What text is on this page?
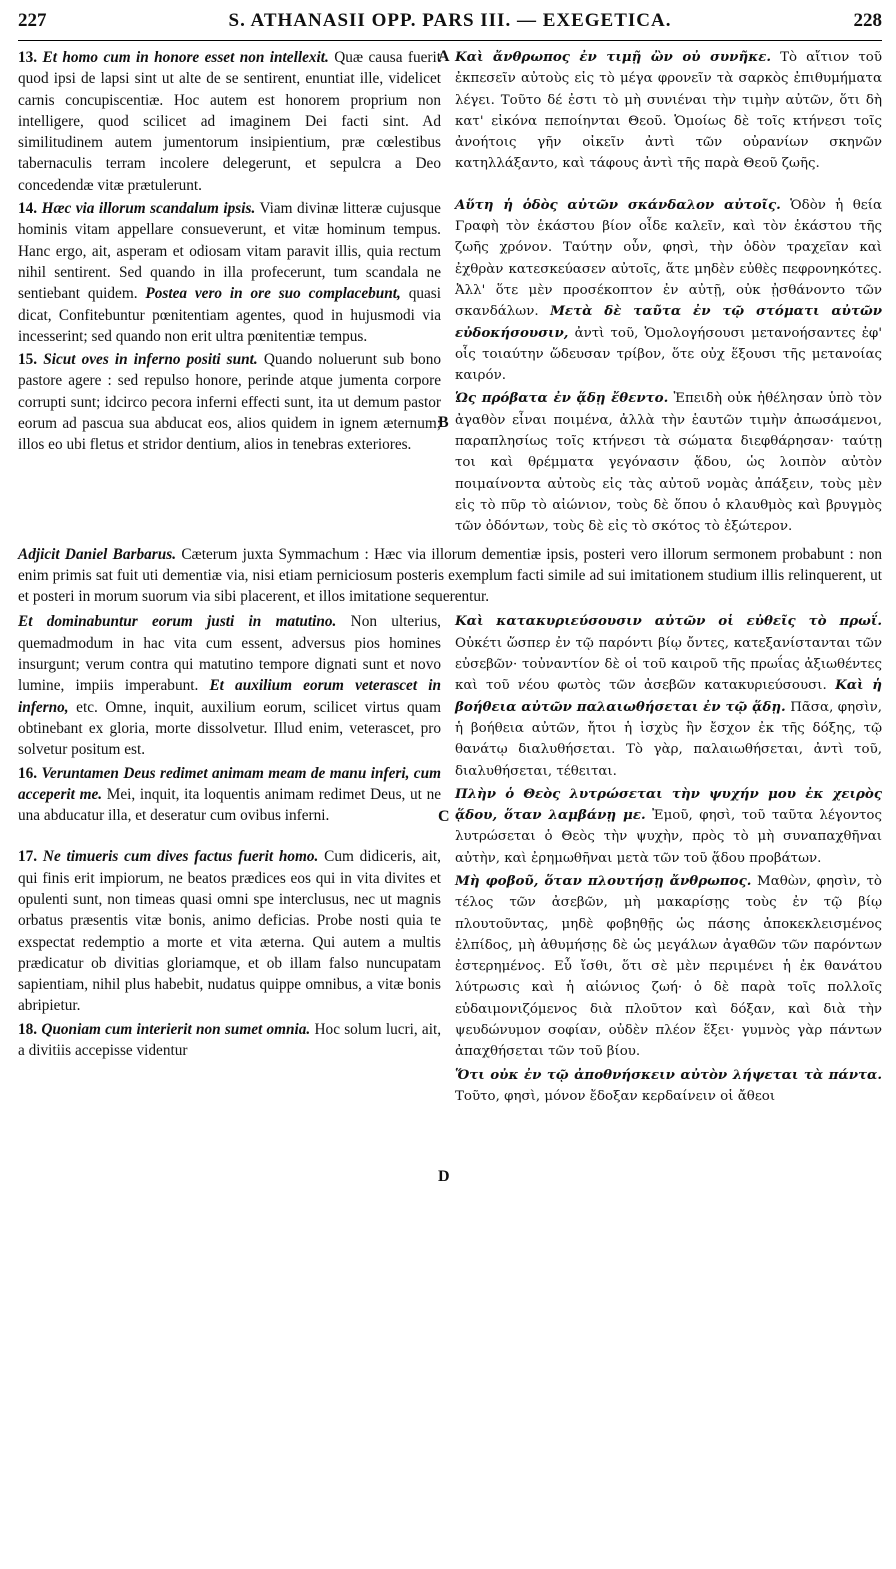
227	S. ATHANASII OPP. PARS III. — EXEGETICA.	228
A
B
C
D

13. Et homo cum in honore esset non intellexit. Quæ causa fuerit quod ipsi de lapsi sint ut alte de se sentirent, enuntiat ille, videlicet carnis concupiscentiæ. Hoc autem est honorem proprium non intelligere, quod scilicet ad imaginem Dei facti sint. Ad similitudinem autem jumentorum insipientium, præ cœlestibus tabernaculis terram incolere delegerunt, et sepulcra a Deo concedendæ vitæ prætulerunt.

14. Hæc via illorum scandalum ipsis. Viam divinæ litteræ cujusque hominis vitam appellare consueverunt, et vitæ hominum tempus. Hanc ergo, ait, asperam et odiosam vitam paravit illis, quia rectum nihil sentirent. Sed quando in illa profecerunt, tum scandala ne sentiebant quidem. Postea vero in ore suo complacebunt, quasi dicat, Confitebuntur pœnitentiam agentes, quod in hujusmodi via incesserint; sed quando non erit ultra pœnitentiæ tempus.

15. Sicut oves in inferno positi sunt. Quando noluerunt sub bono pastore agere : sed repulso honore, perinde atque jumenta corpore corrupti sunt; idcirco pecora inferni effecti sunt, ita ut demum pastor eorum ad pascua sua abducat eos, alios quidem in ignem æternum; illos eo ubi fletus et stridor dentium, alios in tenebras exteriores.

Καὶ ἄνθρωπος ἐν τιμῇ ὢν οὐ συνῆκε. Τὸ αἴτιον τοῦ ἐκπεσεῖν αὐτοὺς εἰς τὸ μέγα φρονεῖν τὰ σαρκὸς ἐπιθυμήματα λέγει. Τοῦτο δέ ἐστι τὸ μὴ συνιέναι τὴν τιμὴν αὐτῶν, ὅτι δὴ κατ' εἰκόνα πεποίηνται Θεοῦ. Ὁμοίως δὲ τοῖς κτήνεσι τοῖς ἀνοήτοις γῆν οἰκεῖν ἀντὶ τῶν οὐρανίων σκηνῶν κατηλλάξαντο, καὶ τάφους ἀντὶ τῆς παρὰ Θεοῦ ζωῆς.

Αὕτη ἡ ὁδὸς αὐτῶν σκάνδαλον αὐτοῖς. Ὁδὸν ἡ θεία Γραφὴ τὸν ἑκάστου βίον οἶδε καλεῖν, καὶ τὸν ἑκάστου τῆς ζωῆς χρόνον. Ταύτην οὖν, φησὶ, τὴν ὁδὸν τραχεῖαν καὶ ἐχθρὰν κατεσκεύασεν αὐτοῖς, ἅτε μηδὲν εὐθὲς πεφρονηκότες. Ἀλλ' ὅτε μὲν προσέκοπτον ἐν αὐτῇ, οὐκ ᾐσθάνοντο τῶν σκανδάλων. Μετὰ δὲ ταῦτα ἐν τῷ στόματι αὐτῶν εὐδοκήσουσιν, ἀντὶ τοῦ, Ὁμολογήσουσι μετανοήσαντες ἐφ' οἷς τοιαύτην ὥδευσαν τρίβον, ὅτε οὐχ ἕξουσι τῆς μετανοίας καιρόν.

Ὡς πρόβατα ἐν ᾅδῃ ἔθεντο. Ἐπειδὴ οὐκ ἠθέλησαν ὑπὸ τὸν ἀγαθὸν εἶναι ποιμένα, ἀλλὰ τὴν ἑαυτῶν τιμὴν ἀπωσάμενοι, παραπλησίως τοῖς κτήνεσι τὰ σώματα διεφθάρησαν· ταύτῃ τοι καὶ θρέμματα γεγόνασιν ᾅδου, ὡς λοιπὸν αὐτὸν ποιμαίνοντα αὐτοὺς εἰς τὰς αὐτοῦ νομὰς ἀπάξειν, τοὺς μὲν εἰς τὸ πῦρ τὸ αἰώνιον, τοὺς δὲ ὅπου ὁ κλαυθμὸς καὶ βρυγμὸς τῶν ὀδόντων, τοὺς δὲ εἰς τὸ σκότος τὸ ἐξώτερον.

Adjicit Daniel Barbarus. Cæterum juxta Symmachum : Hæc via illorum dementiæ ipsis, posteri vero illorum sermonem probabunt : non enim primis sat fuit uti dementiæ via, nisi etiam perniciosum posteris exemplum facti simile ad sui imitationem studium illis relinquerent, ut et posteri in morum suorum via sibi placerent, et illos imitatione sequerentur.

Et dominabuntur eorum justi in matutino. Non ulterius, quemadmodum in hac vita cum essent, adversus pios homines insurgunt; verum contra qui matutino tempore dignati sunt et novo lumine, impiis imperabunt. Et auxilium eorum veterascet in inferno, etc. Omne, inquit, auxilium eorum, scilicet virtus quam obtinebant ex gloria, morte dissolvetur. Illud enim, veterascet, pro solvetur positum est.

16. Veruntamen Deus redimet animam meam de manu inferi, cum acceperit me. Mei, inquit, ita loquentis animam redimet Deus, ut ne una abducatur illa, et deseratur cum ovibus inferni.

17. Ne timueris cum dives factus fuerit homo. Cum didiceris, ait, qui finis erit impiorum, ne beatos prædices eos qui in vita divites et opulenti sunt, non timeas quasi omni spe interclusus, nec ut magnis orbatus præsentis vitæ bonis, animo deficias. Probe nosti quia te exspectat redemptio a morte et vita æterna. Qui autem a multis prædicatur ob divitias gloriamque, et ob illam falso nuncupatam sapientiam, nihil plus habebit, nudatus quippe omnibus, a vitæ bonis abripietur.

18. Quoniam cum interierit non sumet omnia. Hoc solum lucri, ait, a divitiis accepisse videntur

Καὶ κατακυριεύσουσιν αὐτῶν οἱ εὐθεῖς τὸ πρωΐ. Οὐκέτι ὥσπερ ἐν τῷ παρόντι βίῳ ὄντες, κατεξανίστανται τῶν εὐσεβῶν· τοὐναντίον δὲ οἱ τοῦ καιροῦ τῆς πρωΐας ἀξιωθέντες καὶ τοῦ νέου φωτὸς τῶν ἀσεβῶν κατακυριεύσουσι. Καὶ ἡ βοήθεια αὐτῶν παλαιωθήσεται ἐν τῷ ᾅδῃ. Πᾶσα, φησὶν, ἡ βοήθεια αὐτῶν, ἤτοι ἡ ἰσχὺς ἣν ἔσχον ἐκ τῆς δόξης, τῷ θανάτῳ διαλυθήσεται. Τὸ γὰρ, παλαιωθήσεται, ἀντὶ τοῦ, διαλυθήσεται, τέθειται.

Πλὴν ὁ Θεὸς λυτρώσεται τὴν ψυχήν μου ἐκ χειρὸς ᾅδου, ὅταν λαμβάνῃ με. Ἐμοῦ, φησὶ, τοῦ ταῦτα λέγοντος λυτρώσεται ὁ Θεὸς τὴν ψυχὴν, πρὸς τὸ μὴ συναπαχθῆναι αὐτὴν, καὶ ἐρημωθῆναι μετὰ τῶν τοῦ ᾅδου προβάτων.

Μὴ φοβοῦ, ὅταν πλουτήσῃ ἄνθρωπος. Μαθὼν, φησὶν, τὸ τέλος τῶν ἀσεβῶν, μὴ μακαρίσῃς τοὺς ἐν τῷ βίῳ πλουτοῦντας, μηδὲ φοβηθῇς ὡς πάσης ἀποκεκλεισμένος ἐλπίδος, μὴ ἀθυμήσῃς δὲ ὡς μεγάλων ἀγαθῶν τῶν παρόντων ἐστερημένος. Εὖ ἴσθι, ὅτι σὲ μὲν περιμένει ἡ ἐκ θανάτου λύτρωσις καὶ ἡ αἰώνιος ζωή· ὁ δὲ παρὰ τοῖς πολλοῖς εὐδαιμονιζόμενος διὰ πλοῦτον καὶ δόξαν, καὶ διὰ τὴν ψευδώνυμον σοφίαν, οὐδὲν πλέον ἕξει· γυμνὸς γὰρ πάντων ἀπαχθήσεται τῶν τοῦ βίου.

Ὅτι οὐκ ἐν τῷ ἀποθνήσκειν αὐτὸν λήψεται τὰ πάντα. Τοῦτο, φησὶ, μόνον ἔδοξαν κερδαίνειν οἱ ἄθεοι
